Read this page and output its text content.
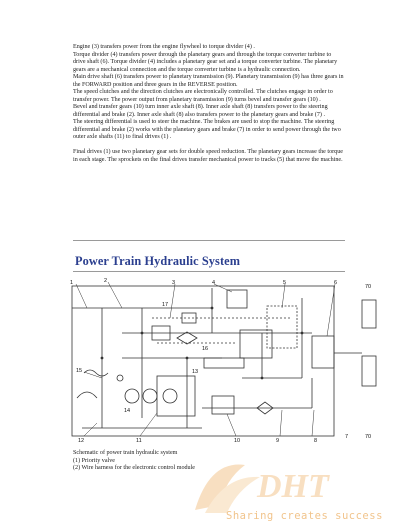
Engine (3) transfers power from the engine flywheel to torque divider (4) .

Torque divider (4) transfers power through the planetary gears and through the torque converter turbine to drive shaft (6). Torque divider (4) includes a planetary gear set and a torque converter turbine. The planetary gears are a mechanical connection and the torque converter turbine is a hydraulic connection.

Main drive shaft (6) transfers power to planetary transmission (9). Planetary transmission (9) has three gears in the FORWARD position and three gears in the REVERSE position.

The speed clutches and the direction clutches are electronically controlled. The clutches engage in order to transfer power. The power output from planetary transmission (9) turns bevel and transfer gears (10) .

Bevel and transfer gears (10) turn inner axle shaft (8). Inner axle shaft (8) transfers power to the steering differential and brake (2). Inner axle shaft (8) also transfers power to the planetary gears and brake (7) .

The steering differential is used to steer the machine. The brakes are used to stop the machine. The steering differential and brake (2) works with the planetary gears and brake (7) in order to send power through the two outer axle shafts (11) to final drives (1) .

Final drives (1) use two planetary gear sets for double speed reduction. The planetary gears increase the torque in each stage. The sprockets on the final drives transfer mechanical power to tracks (5) that move the machine.

Power Train Hydraulic System
1	2	3	4	5	6
7
8
9
10
11
12
13
14
15
16
17
70
70

Schematic of power train hydraulic system

(1) Priority valve

(2) Wire harness for the electronic control module	DHT
Sharing creates success
